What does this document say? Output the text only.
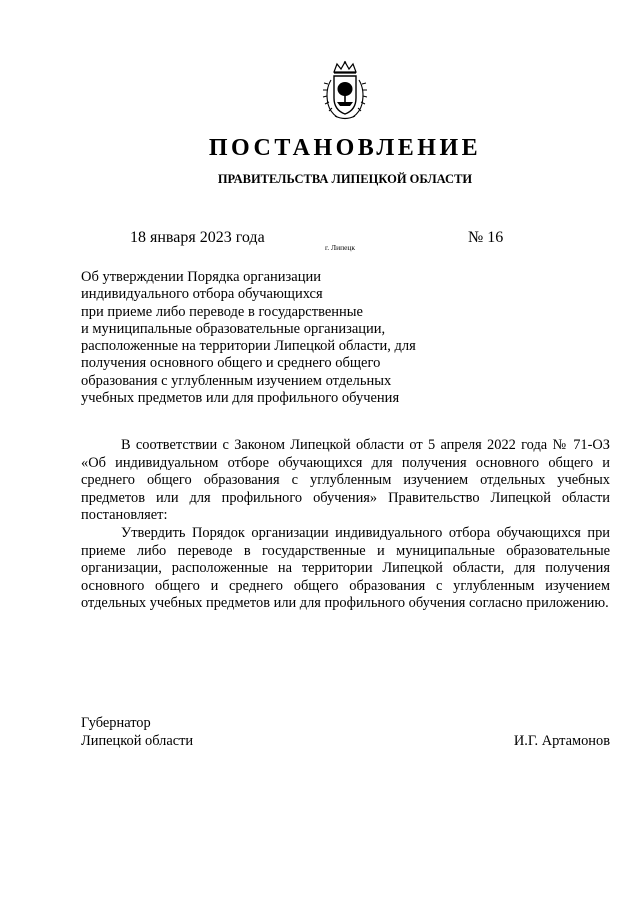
ПОСТАНОВЛЕНИЕ
ПРАВИТЕЛЬСТВА ЛИПЕЦКОЙ ОБЛАСТИ
18 января 2023 года
г. Липецк
№ 16
Об утверждении Порядка организации
индивидуального отбора обучающихся
при приеме либо переводе в государственные
и муниципальные образовательные организации,
расположенные на территории Липецкой области, для
получения основного общего и среднего общего
образования с углубленным изучением отдельных
учебных предметов или для профильного обучения

В соответствии с Законом Липецкой области от 5 апреля 2022 года № 71-ОЗ «Об индивидуальном отборе обучающихся для получения основного общего и среднего общего образования с углубленным изучением отдельных учебных предметов или для профильного обучения» Правительство Липецкой области постановляет:

Утвердить Порядок организации индивидуального отбора обучающихся при приеме либо переводе в государственные и муниципальные образовательные организации, расположенные на территории Липецкой области, для получения основного общего и среднего общего образования с углубленным изучением отдельных учебных предметов или для профильного обучения согласно приложению.

Губернатор
Липецкой области	И.Г. Артамонов
